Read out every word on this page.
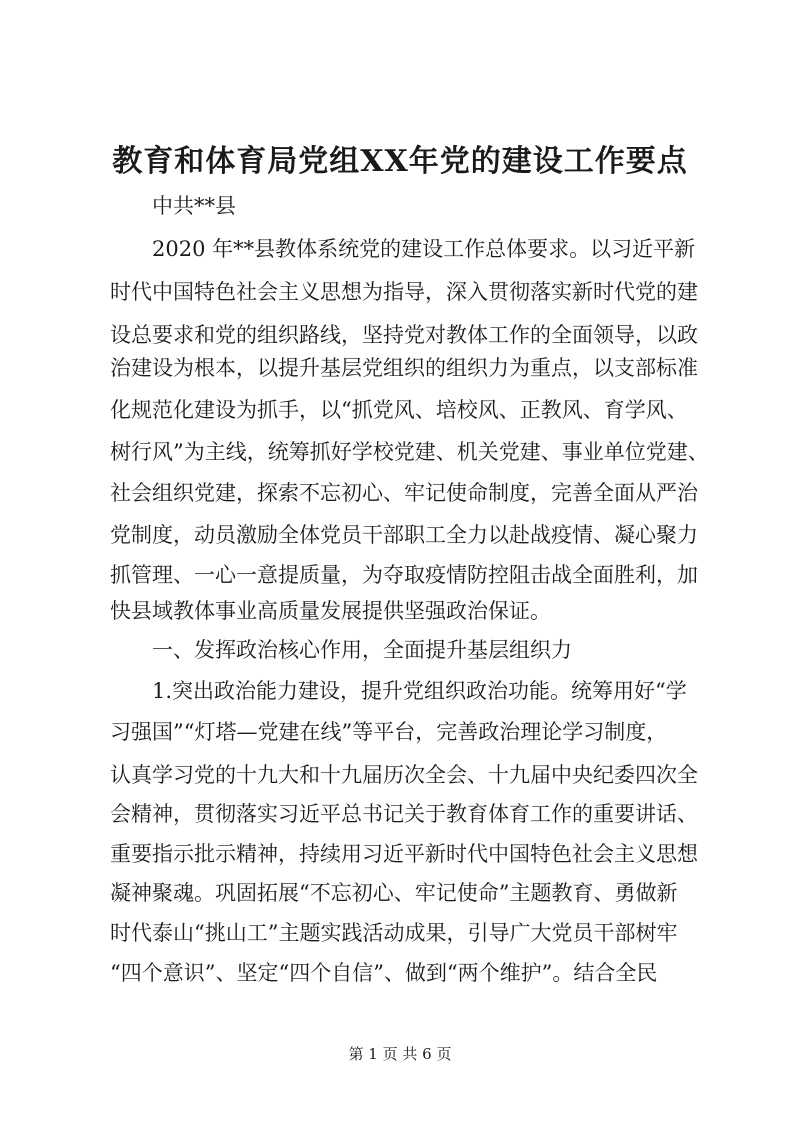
教育和体育局党组XX年党的建设工作要点
中共**县
2020 年**县教体系统党的建设工作总体要求。以习近平新
时代中国特色社会主义思想为指导，深入贯彻落实新时代党的建
设总要求和党的组织路线，坚持党对教体工作的全面领导，以政
治建设为根本，以提升基层党组织的组织力为重点，以支部标准
化规范化建设为抓手，以“抓党风、培校风、正教风、育学风、
树行风”为主线，统筹抓好学校党建、机关党建、事业单位党建、
社会组织党建，探索不忘初心、牢记使命制度，完善全面从严治
党制度，动员激励全体党员干部职工全力以赴战疫情、凝心聚力
抓管理、一心一意提质量，为夺取疫情防控阻击战全面胜利，加
快县域教体事业高质量发展提供坚强政治保证。
一、发挥政治核心作用，全面提升基层组织力
1.突出政治能力建设，提升党组织政治功能。统筹用好“学
习强国”“灯塔—党建在线”等平台，完善政治理论学习制度，
认真学习党的十九大和十九届历次全会、十九届中央纪委四次全
会精神，贯彻落实习近平总书记关于教育体育工作的重要讲话、
重要指示批示精神，持续用习近平新时代中国特色社会主义思想
凝神聚魂。巩固拓展“不忘初心、牢记使命”主题教育、勇做新
时代泰山“挑山工”主题实践活动成果，引导广大党员干部树牢
“四个意识”、坚定“四个自信”、做到“两个维护”。结合全民
第 1 页 共 6 页
